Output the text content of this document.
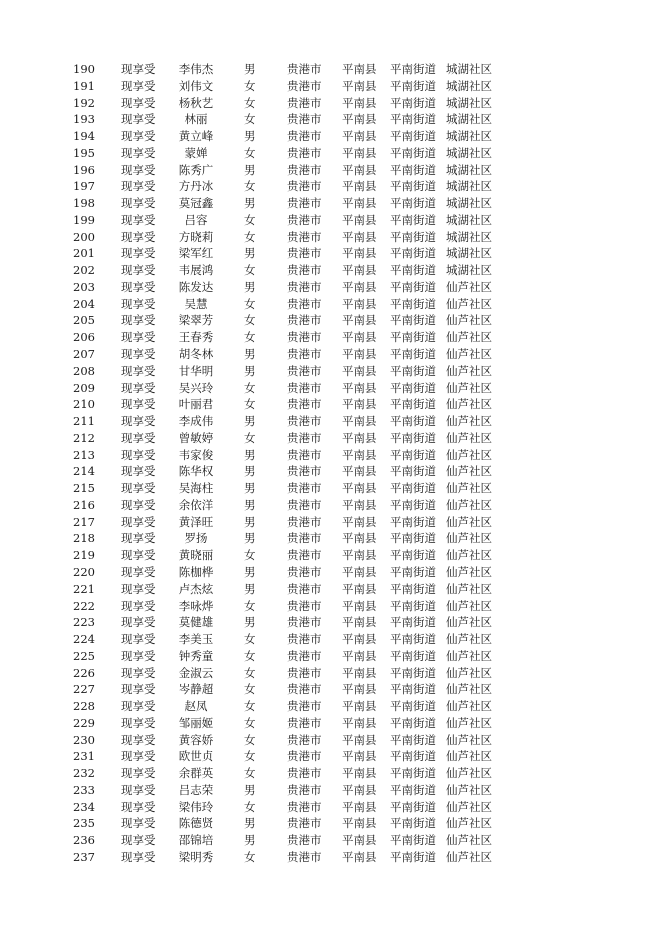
190 现享受 李伟杰	男	贵港市 平南县 平南街道 城湖社区
191 现享受 刘伟文	女	贵港市 平南县 平南街道 城湖社区
192 现享受 杨秋艺	女	贵港市 平南县 平南街道 城湖社区
193 现享受	林丽	女	贵港市 平南县 平南街道 城湖社区
194 现享受 黄立峰	男	贵港市 平南县 平南街道 城湖社区
195 现享受	蒙婵	女	贵港市 平南县 平南街道 城湖社区
196 现享受 陈秀广	男	贵港市 平南县 平南街道 城湖社区
197 现享受 方丹冰	女	贵港市 平南县 平南街道 城湖社区
198 现享受 莫冠鑫	男	贵港市 平南县 平南街道 城湖社区
199 现享受	吕容	女	贵港市 平南县 平南街道 城湖社区
200 现享受 方晓莉	女	贵港市 平南县 平南街道 城湖社区
201 现享受 梁军红	男	贵港市 平南县 平南街道 城湖社区
202 现享受 韦展鸿	女	贵港市 平南县 平南街道 城湖社区
203 现享受 陈发达	男	贵港市 平南县 平南街道 仙芦社区
204 现享受	吴慧	女	贵港市 平南县 平南街道 仙芦社区
205 现享受 梁翠芳	女	贵港市 平南县 平南街道 仙芦社区
206 现享受 王春秀	女	贵港市 平南县 平南街道 仙芦社区
207 现享受 胡冬林	男	贵港市 平南县 平南街道 仙芦社区
208 现享受 甘华明	男	贵港市 平南县 平南街道 仙芦社区
209 现享受 吴兴玲	女	贵港市 平南县 平南街道 仙芦社区
210 现享受 叶丽君	女	贵港市 平南县 平南街道 仙芦社区
211 现享受 李成伟	男	贵港市 平南县 平南街道 仙芦社区
212 现享受 曾敏婷	女	贵港市 平南县 平南街道 仙芦社区
213 现享受 韦家俊	男	贵港市 平南县 平南街道 仙芦社区
214 现享受 陈华权	男	贵港市 平南县 平南街道 仙芦社区
215 现享受 吴海柱	男	贵港市 平南县 平南街道 仙芦社区
216 现享受 余依洋	男	贵港市 平南县 平南街道 仙芦社区
217 现享受 黄泽旺	男	贵港市 平南县 平南街道 仙芦社区
218 现享受	罗扬	男	贵港市 平南县 平南街道 仙芦社区
219 现享受 黄晓丽	女	贵港市 平南县 平南街道 仙芦社区
220 现享受 陈枷桦	男	贵港市 平南县 平南街道 仙芦社区
221 现享受 卢杰炫	男	贵港市 平南县 平南街道 仙芦社区
222 现享受 李咏烨	女	贵港市 平南县 平南街道 仙芦社区
223 现享受 莫健雄	男	贵港市 平南县 平南街道 仙芦社区
224 现享受 李美玉	女	贵港市 平南县 平南街道 仙芦社区
225 现享受 钟秀童	女	贵港市 平南县 平南街道 仙芦社区
226 现享受 金淑云	女	贵港市 平南县 平南街道 仙芦社区
227 现享受 岑静超	女	贵港市 平南县 平南街道 仙芦社区
228 现享受	赵凤	女	贵港市 平南县 平南街道 仙芦社区
229 现享受 邹丽姬	女	贵港市 平南县 平南街道 仙芦社区
230 现享受 黄容娇	女	贵港市 平南县 平南街道 仙芦社区
231 现享受 欧世贞	女	贵港市 平南县 平南街道 仙芦社区
232 现享受 余群英	女	贵港市 平南县 平南街道 仙芦社区
233 现享受 吕志荣	男	贵港市 平南县 平南街道 仙芦社区
234 现享受 梁伟玲	女	贵港市 平南县 平南街道 仙芦社区
235 现享受 陈德贤	男	贵港市 平南县 平南街道 仙芦社区
236 现享受 邵锦培	男	贵港市 平南县 平南街道 仙芦社区
237 现享受 梁明秀	女	贵港市 平南县 平南街道 仙芦社区
